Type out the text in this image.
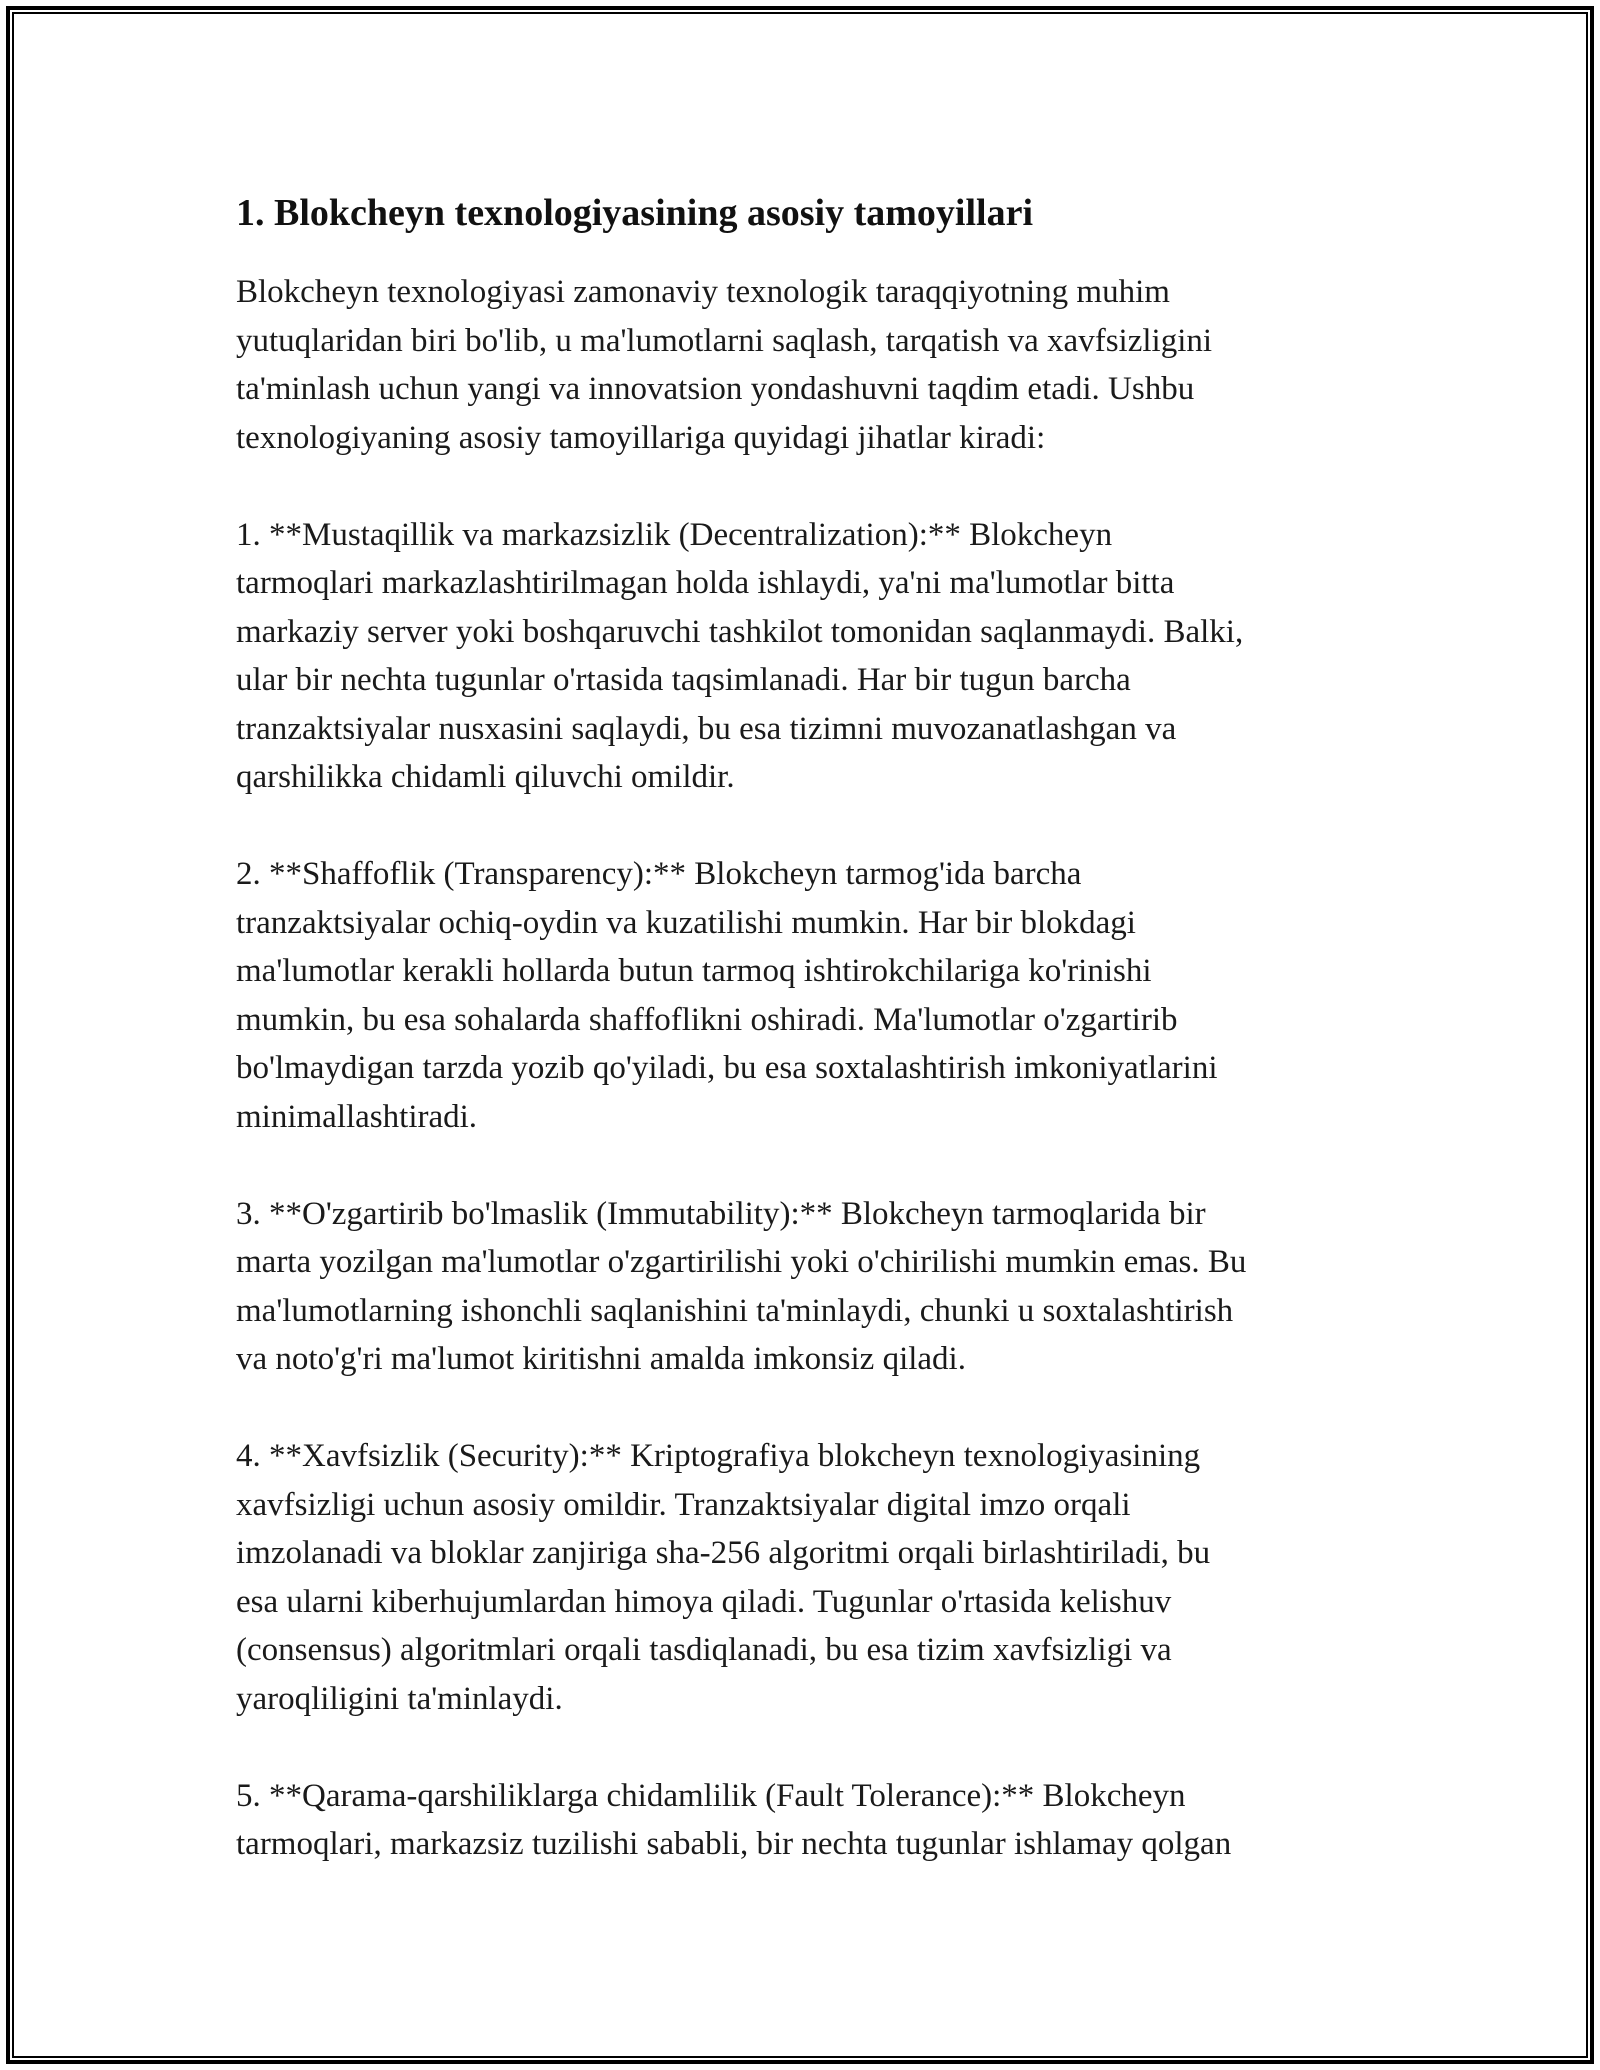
1. Blokcheyn texnologiyasining asosiy tamoyillari

Blokcheyn texnologiyasi zamonaviy texnologik taraqqiyotning muhim
yutuqlaridan biri bo'lib, u ma'lumotlarni saqlash, tarqatish va xavfsizligini
ta'minlash uchun yangi va innovatsion yondashuvni taqdim etadi. Ushbu
texnologiyaning asosiy tamoyillariga quyidagi jihatlar kiradi:

1. **Mustaqillik va markazsizlik (Decentralization):** Blokcheyn
tarmoqlari markazlashtirilmagan holda ishlaydi, ya'ni ma'lumotlar bitta
markaziy server yoki boshqaruvchi tashkilot tomonidan saqlanmaydi. Balki,
ular bir nechta tugunlar o'rtasida taqsimlanadi. Har bir tugun barcha
tranzaktsiyalar nusxasini saqlaydi, bu esa tizimni muvozanatlashgan va
qarshilikka chidamli qiluvchi omildir.

2. **Shaffoflik (Transparency):** Blokcheyn tarmog'ida barcha
tranzaktsiyalar ochiq-oydin va kuzatilishi mumkin. Har bir blokdagi
ma'lumotlar kerakli hollarda butun tarmoq ishtirokchilariga ko'rinishi
mumkin, bu esa sohalarda shaffoflikni oshiradi. Ma'lumotlar o'zgartirib
bo'lmaydigan tarzda yozib qo'yiladi, bu esa soxtalashtirish imkoniyatlarini
minimallashtiradi.

3. **O'zgartirib bo'lmaslik (Immutability):** Blokcheyn tarmoqlarida bir
marta yozilgan ma'lumotlar o'zgartirilishi yoki o'chirilishi mumkin emas. Bu
ma'lumotlarning ishonchli saqlanishini ta'minlaydi, chunki u soxtalashtirish
va noto'g'ri ma'lumot kiritishni amalda imkonsiz qiladi.

4. **Xavfsizlik (Security):** Kriptografiya blokcheyn texnologiyasining
xavfsizligi uchun asosiy omildir. Tranzaktsiyalar digital imzo orqali
imzolanadi va bloklar zanjiriga sha-256 algoritmi orqali birlashtiriladi, bu
esa ularni kiberhujumlardan himoya qiladi. Tugunlar o'rtasida kelishuv
(consensus) algoritmlari orqali tasdiqlanadi, bu esa tizim xavfsizligi va
yaroqliligini ta'minlaydi.

5. **Qarama-qarshiliklarga chidamlilik (Fault Tolerance):** Blokcheyn
tarmoqlari, markazsiz tuzilishi sababli, bir nechta tugunlar ishlamay qolgan
